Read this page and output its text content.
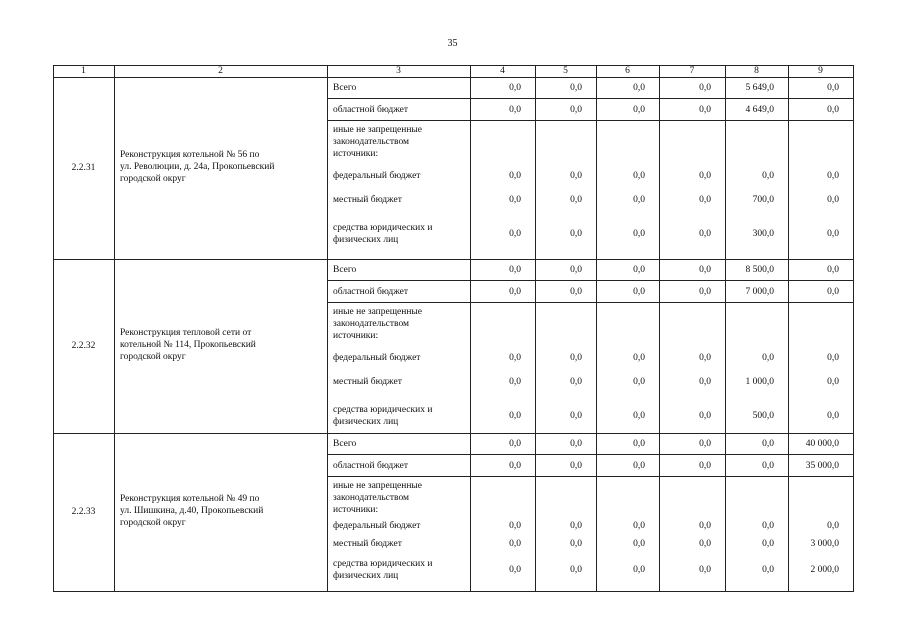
35
1	2	3	4	5	6	7	8	9
2.2.31
Реконструкция котельной № 56 по
ул. Революции, д. 24а, Прокопьевский
городской округ
Всего	0,0	0,0	0,0	0,0	5 649,0	0,0
областной бюджет	0,0	0,0	0,0	0,0	4 649,0	0,0
иные не запрещенные
законодательством
источники:
федеральный бюджет	0,0	0,0	0,0	0,0	0,0	0,0
местный бюджет	0,0	0,0	0,0	0,0	700,0	0,0
средства юридических и
физических лиц
0,0	0,0	0,0	0,0	300,0	0,0
2.2.32
Реконструкция тепловой сети от
котельной № 114, Прокопьевский
городской округ
Всего	0,0	0,0	0,0	0,0	8 500,0	0,0
областной бюджет	0,0	0,0	0,0	0,0	7 000,0	0,0
иные не запрещенные
законодательством
источники:
федеральный бюджет	0,0	0,0	0,0	0,0	0,0	0,0
местный бюджет	0,0	0,0	0,0	0,0	1 000,0	0,0
средства юридических и
физических лиц
0,0	0,0	0,0	0,0	500,0	0,0
2.2.33
Реконструкция котельной № 49 по
ул. Шишкина, д.40, Прокопьевский
городской округ
Всего	0,0	0,0	0,0	0,0	0,0	40 000,0
областной бюджет	0,0	0,0	0,0	0,0	0,0	35 000,0
иные не запрещенные
законодательством
источники:
федеральный бюджет	0,0	0,0	0,0	0,0	0,0	0,0
местный бюджет	0,0	0,0	0,0	0,0	0,0	3 000,0
средства юридических и
физических лиц
0,0	0,0	0,0	0,0	0,0	2 000,0
